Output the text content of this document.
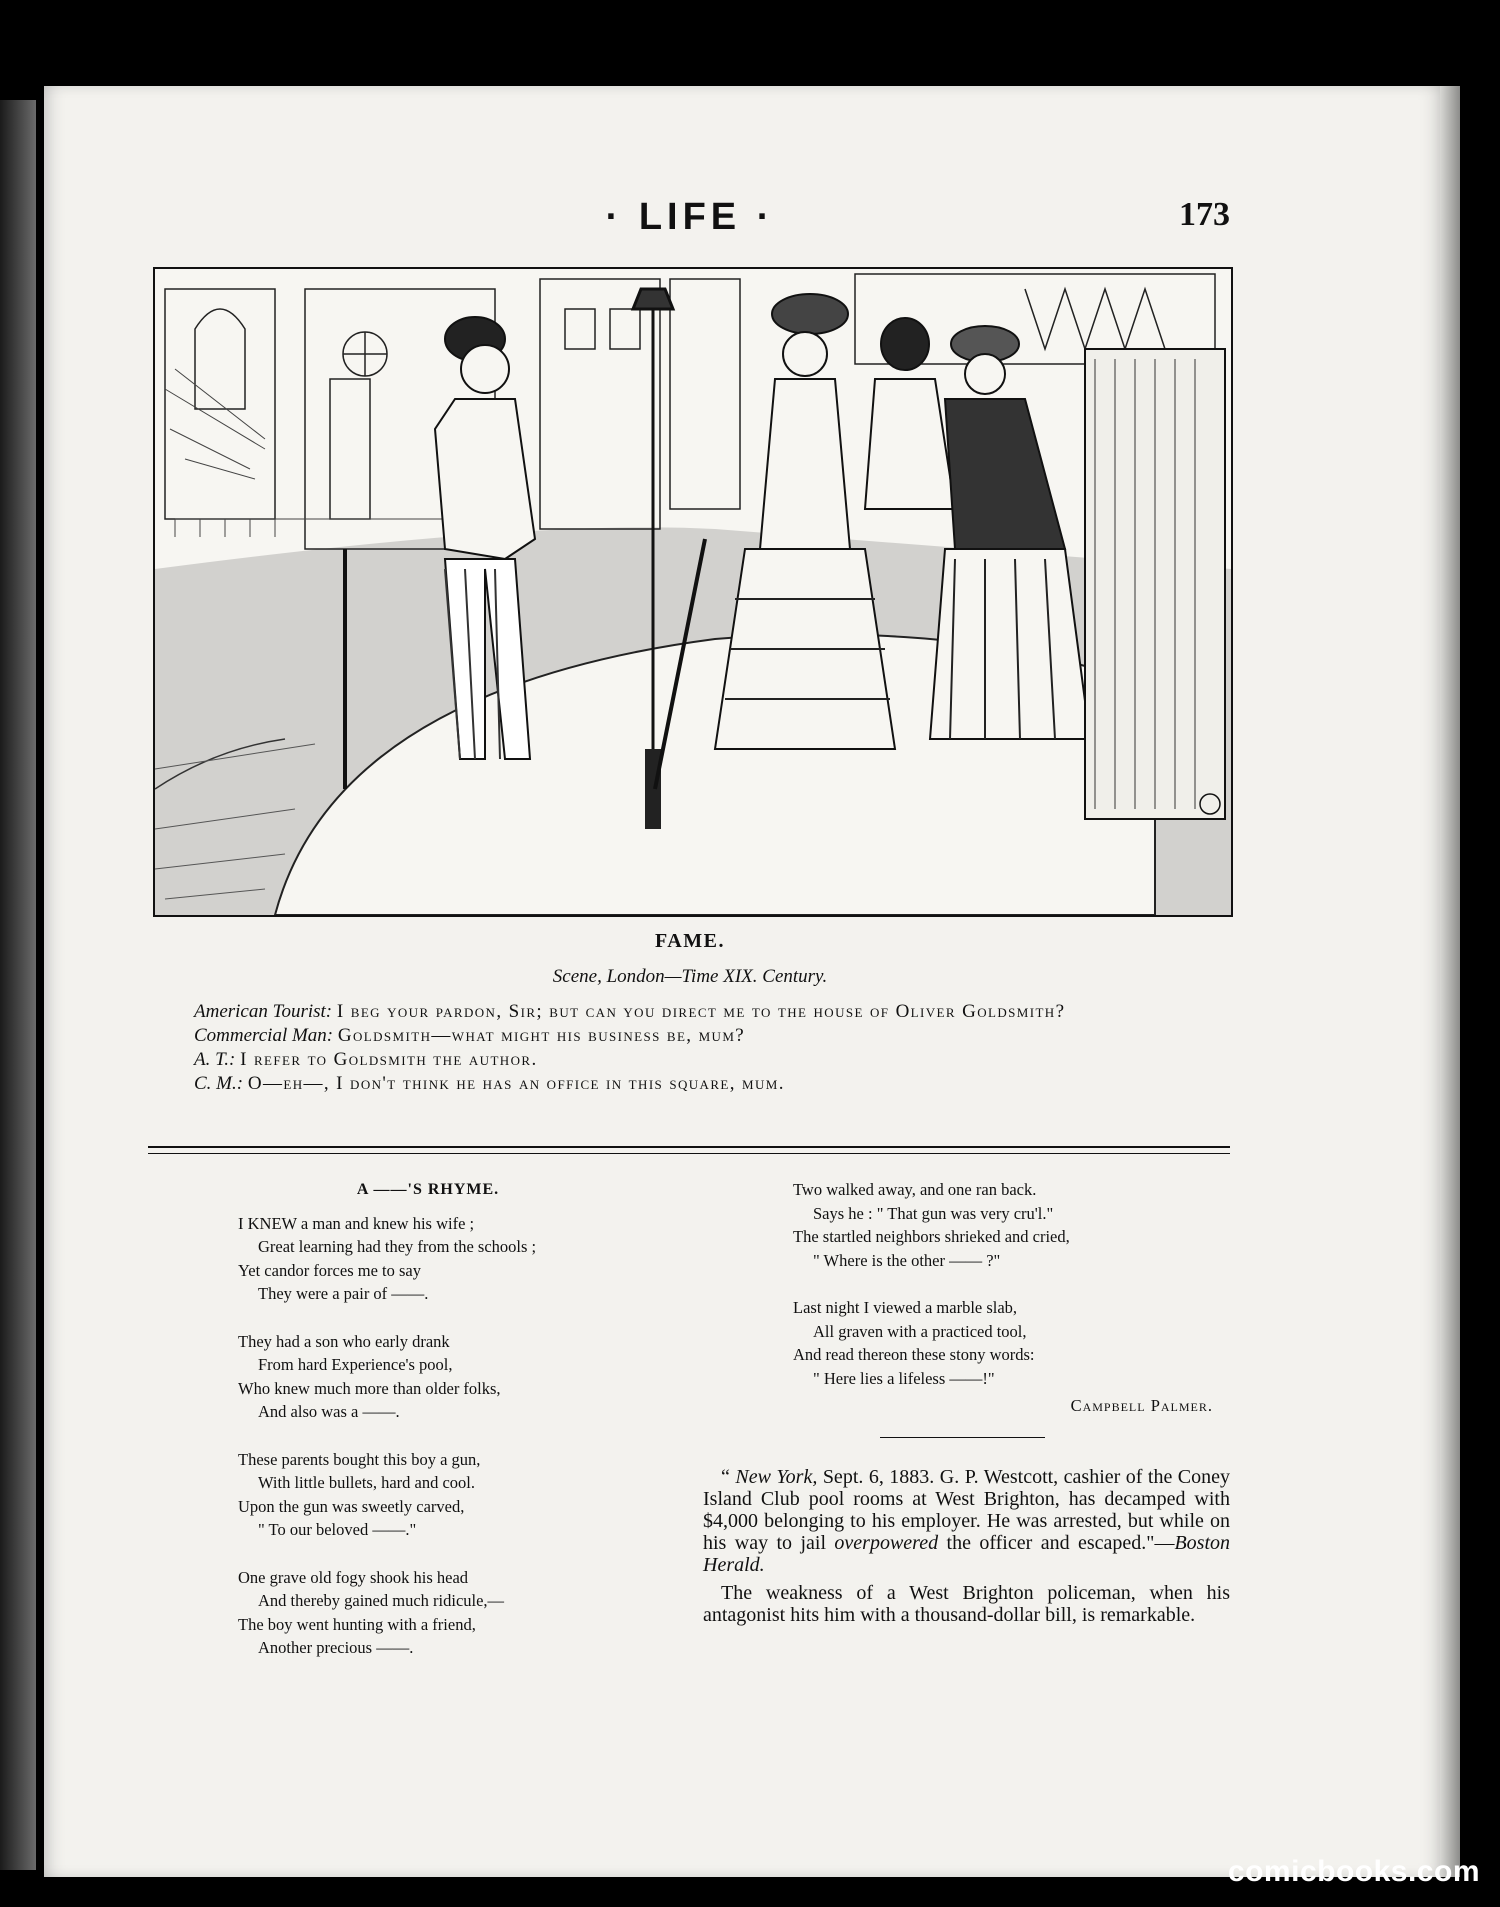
· LIFE ·	173
FAME.
Scene, London—Time XIX. Century.

American Tourist: I beg your pardon, Sir; but can you direct me to the house of Oliver Goldsmith?

Commercial Man: Goldsmith—what might his business be, mum?

A. T.: I refer to Goldsmith the author.

C. M.: O—eh—, I don't think he has an office in this square, mum.

A ——'S RHYME.

I KNEW a man and knew his wife ;

Great learning had they from the schools ;

Yet candor forces me to say

They were a pair of ——.

They had a son who early drank

From hard Experience's pool,

Who knew much more than older folks,

And also was a ——.

These parents bought this boy a gun,

With little bullets, hard and cool.

Upon the gun was sweetly carved,

" To our beloved ——."

One grave old fogy shook his head

And thereby gained much ridicule,—

The boy went hunting with a friend,

Another precious ——.

Two walked away, and one ran back.

Says he : " That gun was very cru'l."

The startled neighbors shrieked and cried,

" Where is the other —— ?"

Last night I viewed a marble slab,

All graven with a practiced tool,

And read thereon these stony words:

" Here lies a lifeless ——!"

Campbell Palmer.

“ New York, Sept. 6, 1883. G. P. Westcott, cashier of the Coney Island Club pool rooms at West Brighton, has decamped with $4,000 belonging to his employer. He was arrested, but while on his way to jail overpowered the officer and escaped."—Boston Herald.

The weakness of a West Brighton policeman, when his antagonist hits him with a thousand-dollar bill, is remarkable.

comicbooks.com
